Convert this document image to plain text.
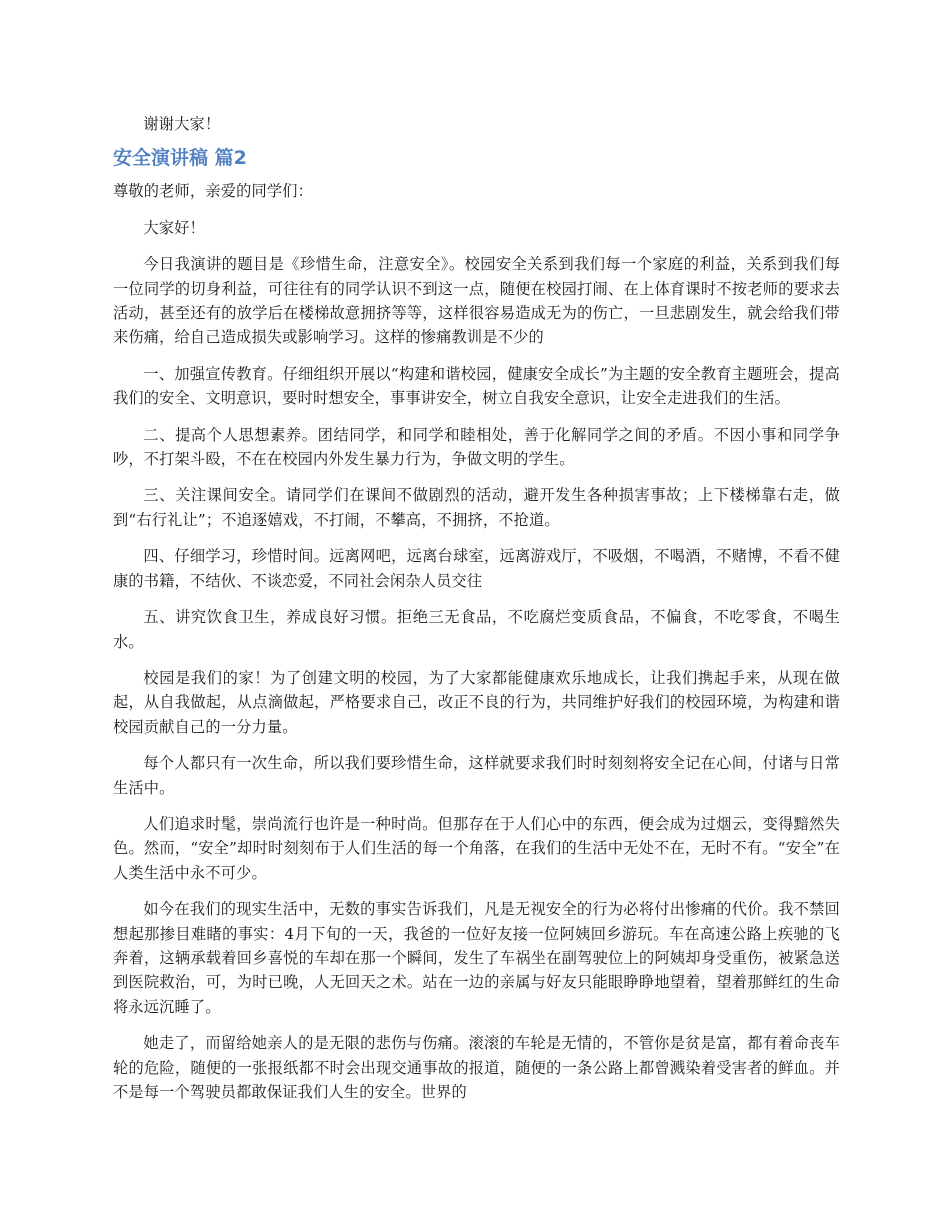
谢谢大家！

安全演讲稿 篇2

尊敬的老师，亲爱的同学们：

大家好！

今日我演讲的题目是《珍惜生命，注意安全》。校园安全关系到我们每一个家庭的利益，关系到我们每一位同学的切身利益，可往往有的同学认识不到这一点，随便在校园打闹、在上体育课时不按老师的要求去活动，甚至还有的放学后在楼梯故意拥挤等等，这样很容易造成无为的伤亡，一旦悲剧发生，就会给我们带来伤痛，给自己造成损失或影响学习。这样的惨痛教训是不少的

一、加强宣传教育。仔细组织开展以“构建和谐校园，健康安全成长”为主题的安全教育主题班会，提高我们的安全、文明意识，要时时想安全，事事讲安全，树立自我安全意识，让安全走进我们的生活。

二、提高个人思想素养。团结同学，和同学和睦相处，善于化解同学之间的矛盾。不因小事和同学争吵，不打架斗殴，不在在校园内外发生暴力行为，争做文明的学生。

三、关注课间安全。请同学们在课间不做剧烈的活动，避开发生各种损害事故；上下楼梯靠右走，做到“右行礼让”；不追逐嬉戏，不打闹，不攀高，不拥挤，不抢道。

四、仔细学习，珍惜时间。远离网吧，远离台球室，远离游戏厅，不吸烟，不喝酒，不赌博，不看不健康的书籍，不结伙、不谈恋爱，不同社会闲杂人员交往

五、讲究饮食卫生，养成良好习惯。拒绝三无食品，不吃腐烂变质食品，不偏食，不吃零食，不喝生水。

校园是我们的家！为了创建文明的校园，为了大家都能健康欢乐地成长，让我们携起手来，从现在做起，从自我做起，从点滴做起，严格要求自己，改正不良的行为，共同维护好我们的校园环境，为构建和谐校园贡献自己的一分力量。

每个人都只有一次生命，所以我们要珍惜生命，这样就要求我们时时刻刻将安全记在心间，付诸与日常生活中。

人们追求时髦，崇尚流行也许是一种时尚。但那存在于人们心中的东西，便会成为过烟云，变得黯然失色。然而，“安全”却时时刻刻布于人们生活的每一个角落，在我们的生活中无处不在，无时不有。“安全”在人类生活中永不可少。

如今在我们的现实生活中，无数的事实告诉我们，凡是无视安全的行为必将付出惨痛的代价。我不禁回想起那掺目难睹的事实：4月下旬的一天，我爸的一位好友接一位阿姨回乡游玩。车在高速公路上疾驰的飞奔着，这辆承载着回乡喜悦的车却在那一个瞬间，发生了车祸坐在副驾驶位上的阿姨却身受重伤，被紧急送到医院救治，可，为时已晚，人无回天之术。站在一边的亲属与好友只能眼睁睁地望着，望着那鲜红的生命将永远沉睡了。

她走了，而留给她亲人的是无限的悲伤与伤痛。滚滚的车轮是无情的，不管你是贫是富，都有着命丧车轮的危险，随便的一张报纸都不时会出现交通事故的报道，随便的一条公路上都曾溅染着受害者的鲜血。并不是每一个驾驶员都敢保证我们人生的安全。世界的
